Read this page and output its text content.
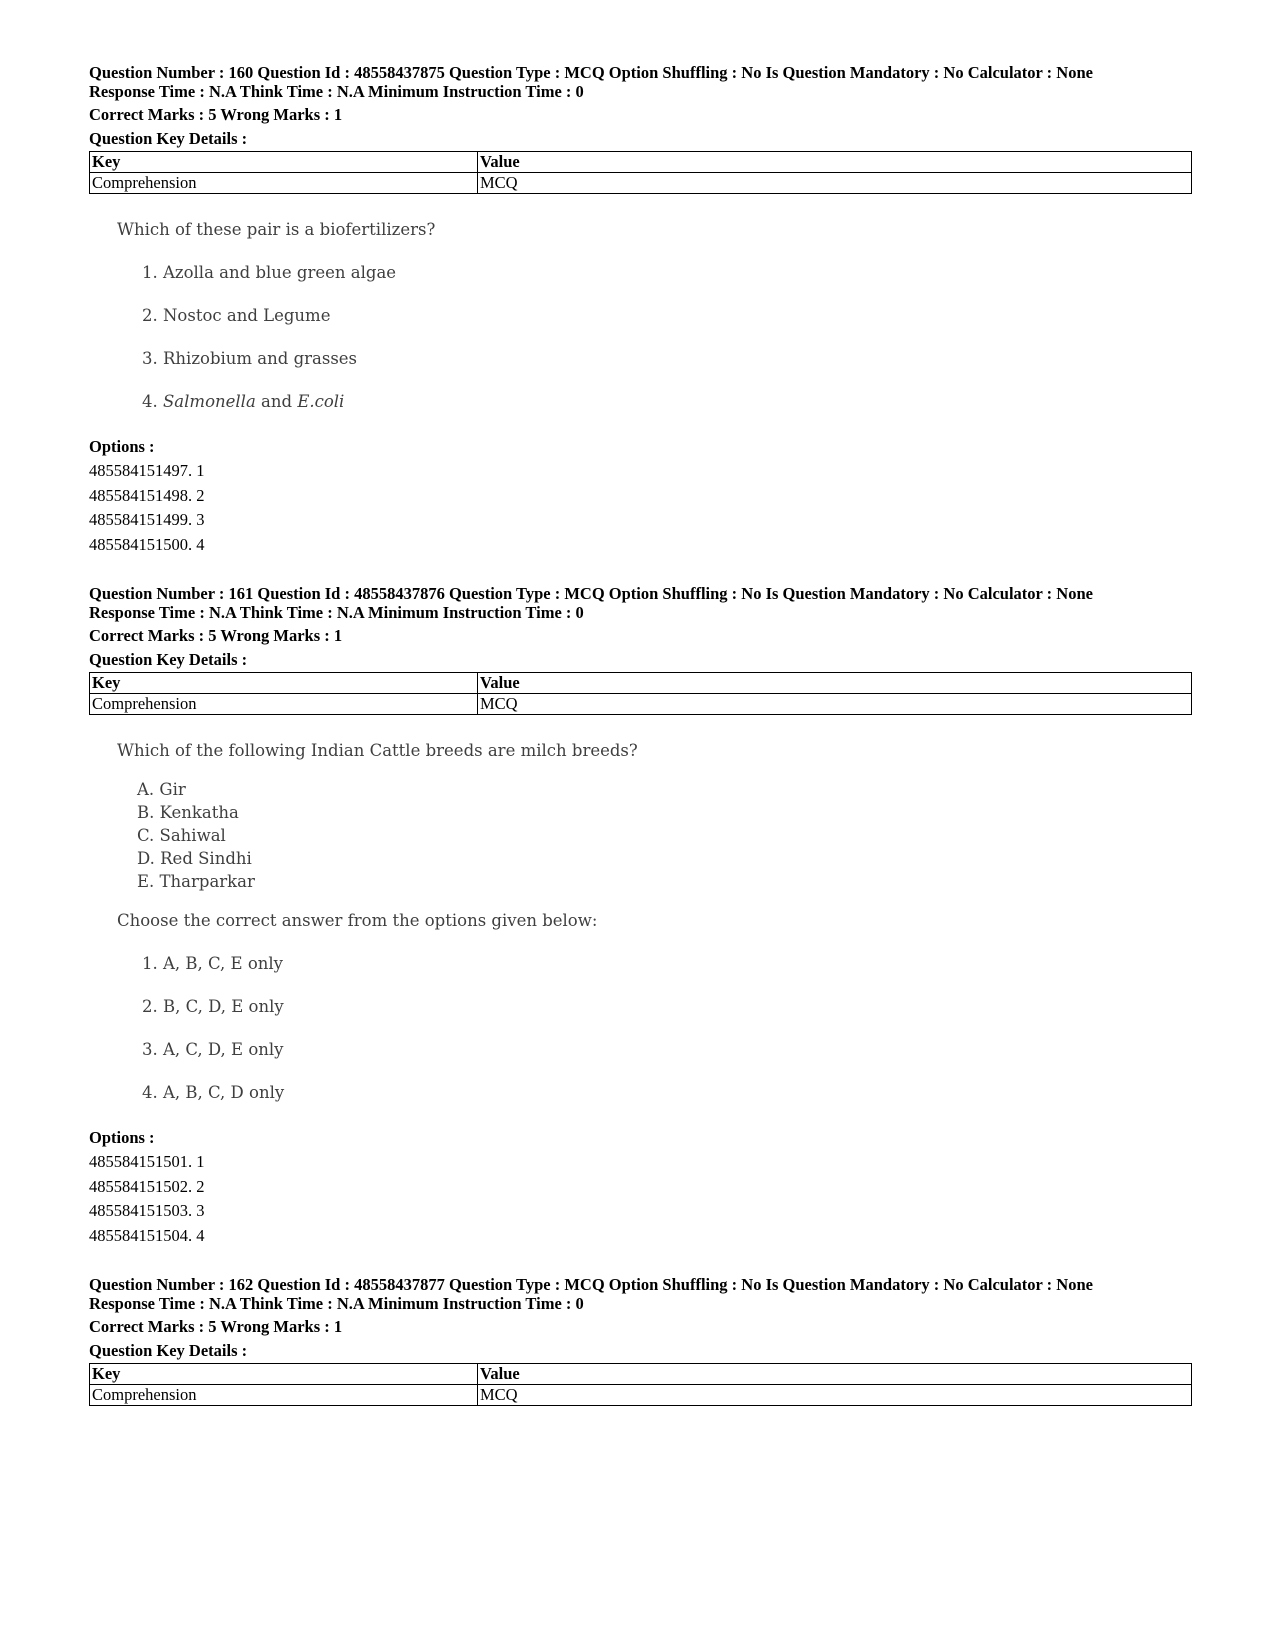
Question Number : 160 Question Id : 48558437875 Question Type : MCQ Option Shuffling : No Is Question Mandatory : No Calculator : None
Response Time : N.A Think Time : N.A Minimum Instruction Time : 0
Correct Marks : 5 Wrong Marks : 1
Question Key Details :
Key	Value
Comprehension	MCQ
Which of these pair is a biofertilizers?
1. Azolla and blue green algae
2. Nostoc and Legume
3. Rhizobium and grasses
4. Salmonella and E.coli
Options :
485584151497. 1
485584151498. 2
485584151499. 3
485584151500. 4
Question Number : 161 Question Id : 48558437876 Question Type : MCQ Option Shuffling : No Is Question Mandatory : No Calculator : None
Response Time : N.A Think Time : N.A Minimum Instruction Time : 0
Correct Marks : 5 Wrong Marks : 1
Question Key Details :
Key	Value
Comprehension	MCQ
Which of the following Indian Cattle breeds are milch breeds?
A. Gir
B. Kenkatha
C. Sahiwal
D. Red Sindhi
E. Tharparkar
Choose the correct answer from the options given below:
1. A, B, C, E only
2. B, C, D, E only
3. A, C, D, E only
4. A, B, C, D only
Options :
485584151501. 1
485584151502. 2
485584151503. 3
485584151504. 4
Question Number : 162 Question Id : 48558437877 Question Type : MCQ Option Shuffling : No Is Question Mandatory : No Calculator : None
Response Time : N.A Think Time : N.A Minimum Instruction Time : 0
Correct Marks : 5 Wrong Marks : 1
Question Key Details :
Key	Value
Comprehension	MCQ
